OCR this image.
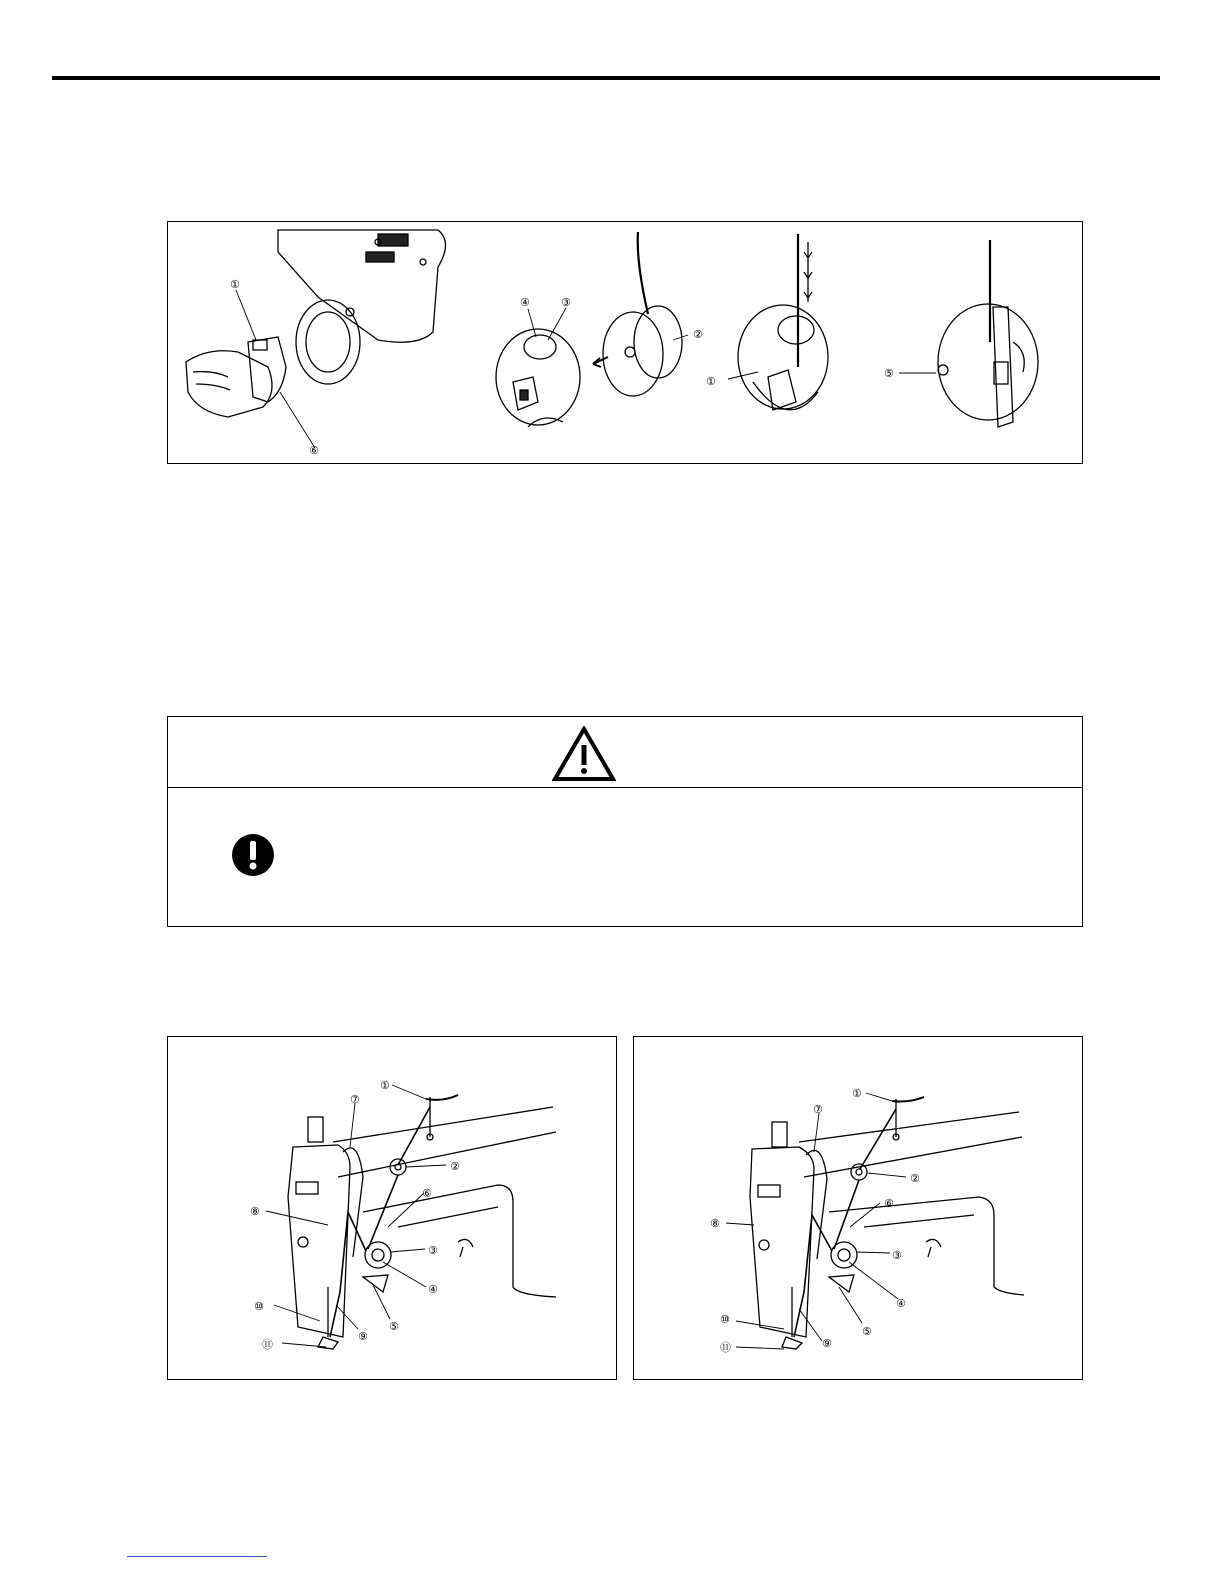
①
②
③
④
①
⑤
⑥
①
②
③
④
⑤
⑥
⑦
⑧
⑨
⑩
⑪
①
②
③
④
⑤
⑥
⑦
⑧
⑨
⑩
⑪
